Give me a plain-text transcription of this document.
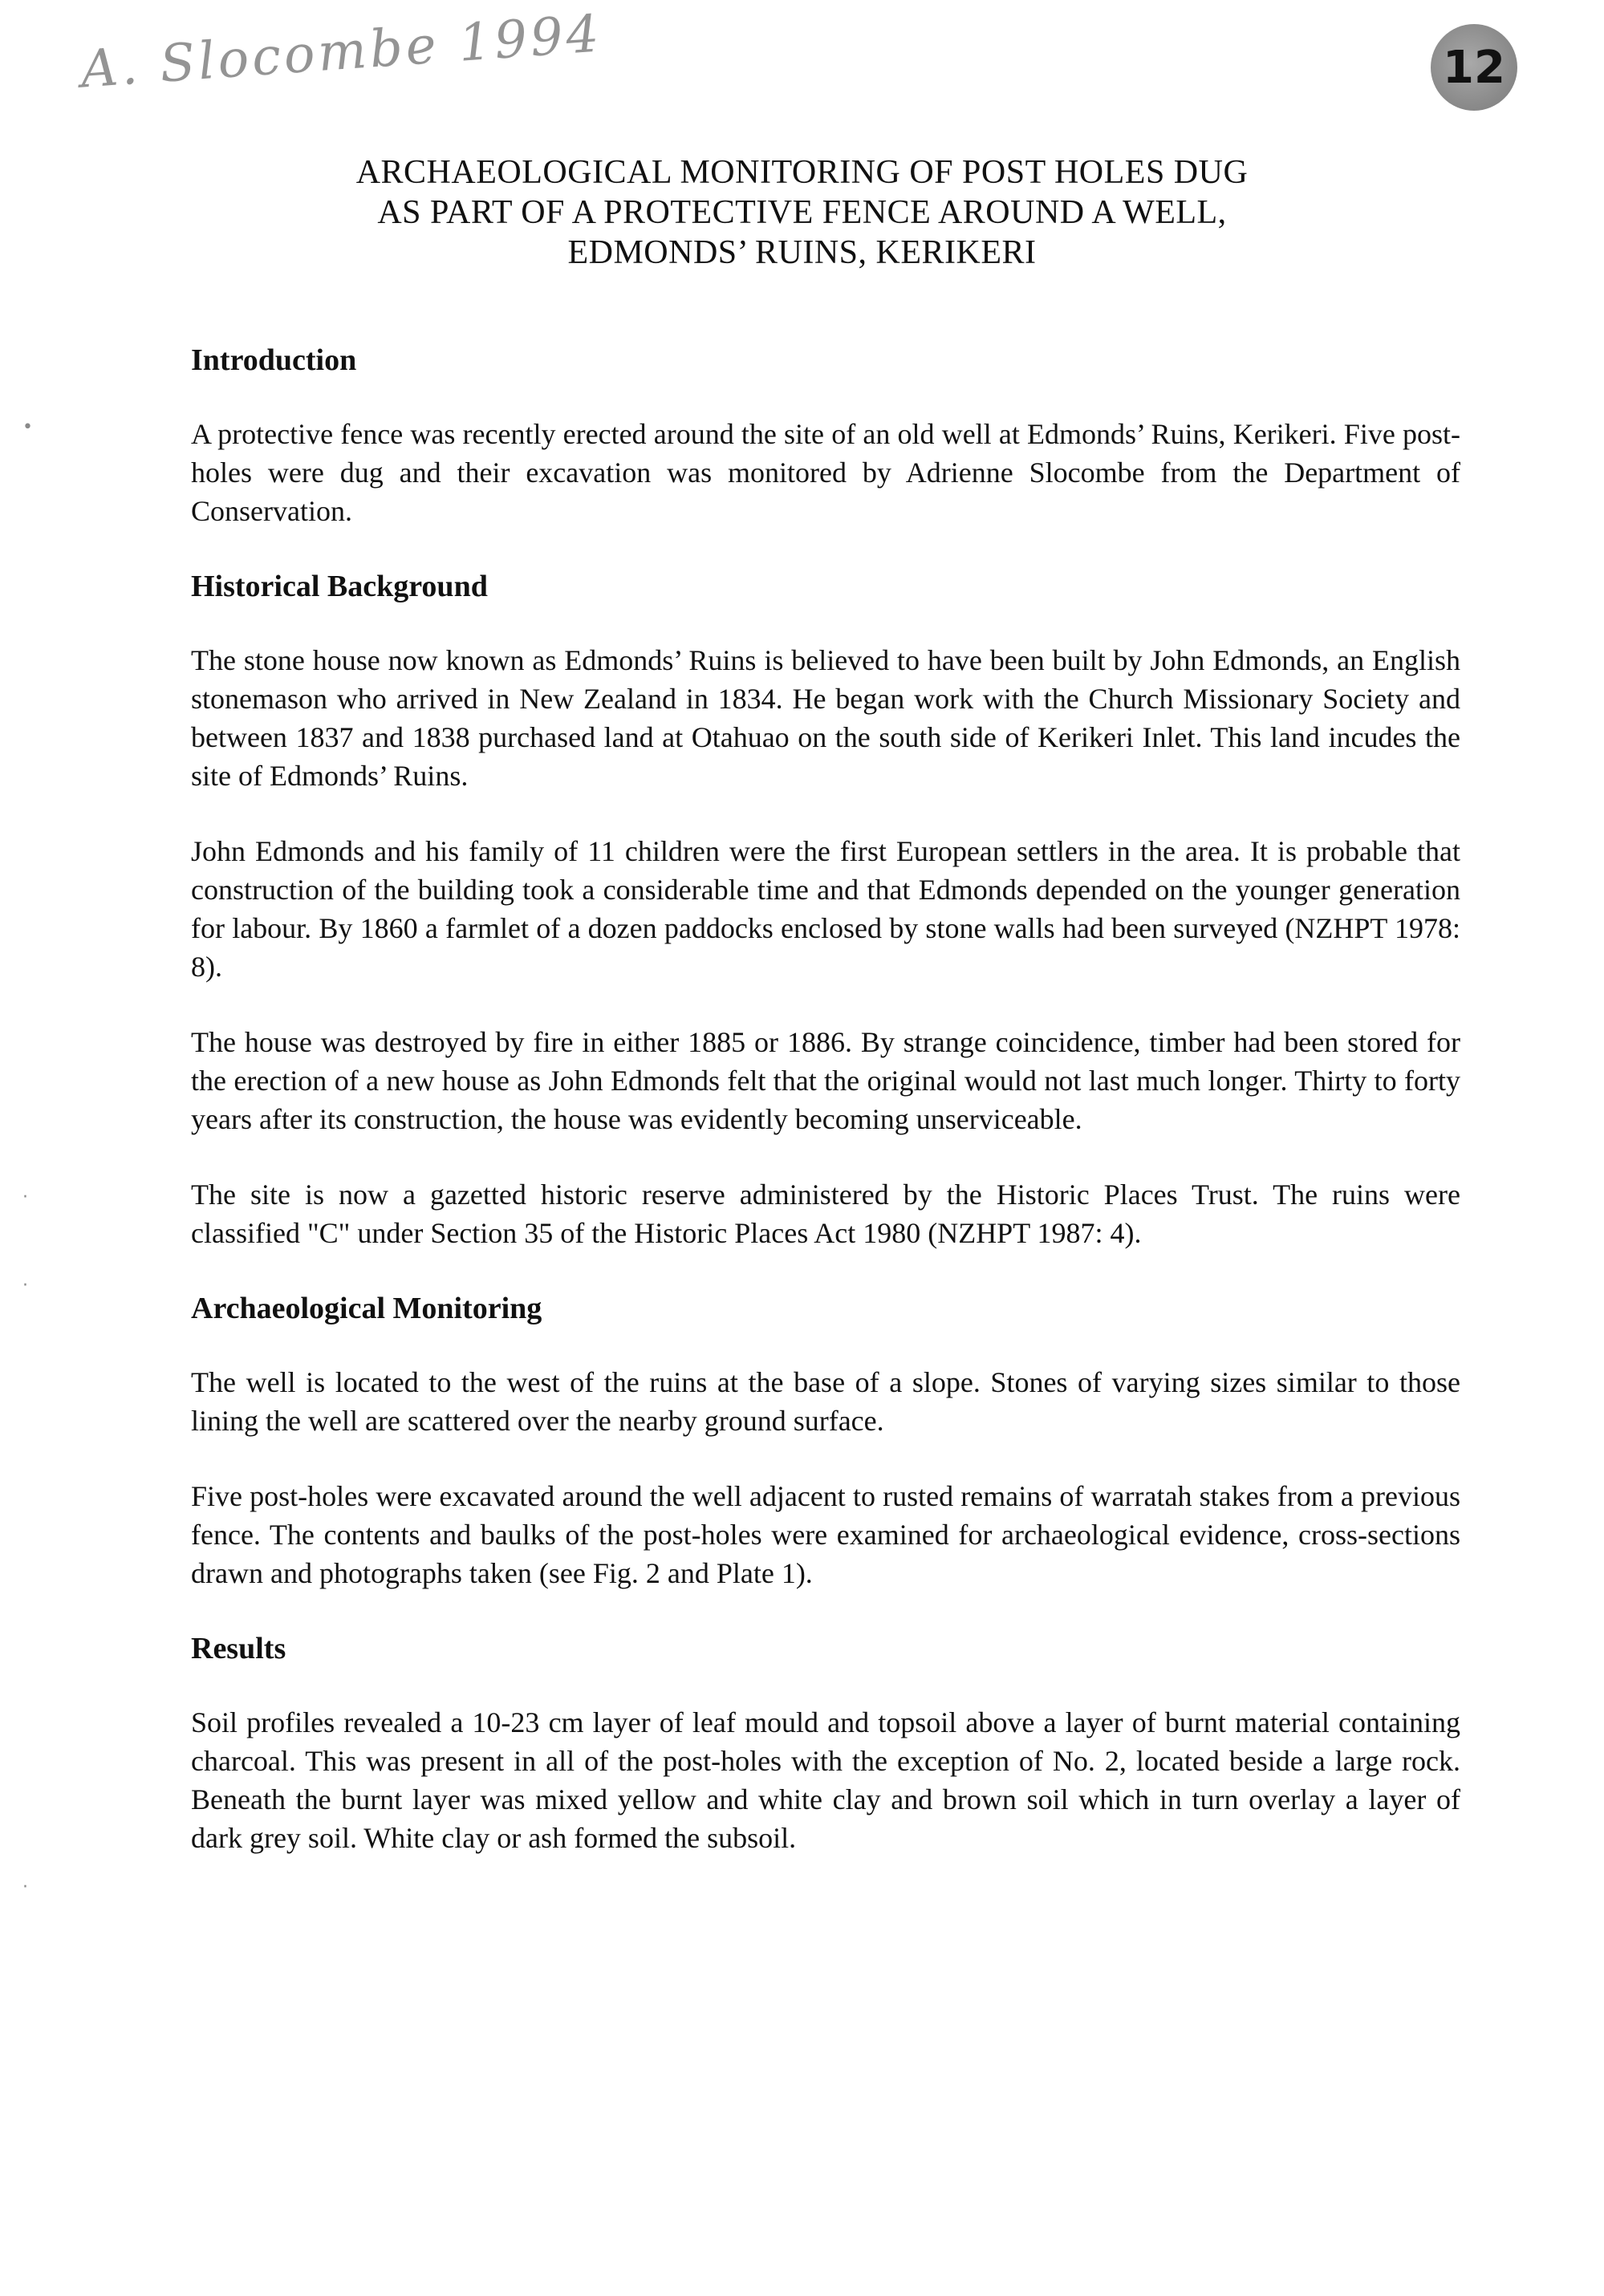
A. Slocombe 1994	12
•
·
·
·
ARCHAEOLOGICAL MONITORING OF POST HOLES DUG
AS PART OF A PROTECTIVE FENCE AROUND A WELL,
EDMONDS’ RUINS, KERIKERI
Introduction

A protective fence was recently erected around the site of an old well at Edmonds’ Ruins, Kerikeri. Five post-holes were dug and their excavation was monitored by Adrienne Slocombe from the Department of Conservation.

Historical Background

The stone house now known as Edmonds’ Ruins is believed to have been built by John Edmonds, an English stonemason who arrived in New Zealand in 1834. He began work with the Church Missionary Society and between 1837 and 1838 purchased land at Otahuao on the south side of Kerikeri Inlet. This land incudes the site of Edmonds’ Ruins.

John Edmonds and his family of 11 children were the first European settlers in the area. It is probable that construction of the building took a considerable time and that Edmonds depended on the younger generation for labour. By 1860 a farmlet of a dozen paddocks enclosed by stone walls had been surveyed (NZHPT 1978: 8).

The house was destroyed by fire in either 1885 or 1886. By strange coincidence, timber had been stored for the erection of a new house as John Edmonds felt that the original would not last much longer. Thirty to forty years after its construction, the house was evidently becoming unserviceable.

The site is now a gazetted historic reserve administered by the Historic Places Trust. The ruins were classified "C" under Section 35 of the Historic Places Act 1980 (NZHPT 1987: 4).

Archaeological Monitoring

The well is located to the west of the ruins at the base of a slope. Stones of varying sizes similar to those lining the well are scattered over the nearby ground surface.

Five post-holes were excavated around the well adjacent to rusted remains of warratah stakes from a previous fence. The contents and baulks of the post-holes were examined for archaeological evidence, cross-sections drawn and photographs taken (see Fig. 2 and Plate 1).

Results

Soil profiles revealed a 10-23 cm layer of leaf mould and topsoil above a layer of burnt material containing charcoal. This was present in all of the post-holes with the exception of No. 2, located beside a large rock. Beneath the burnt layer was mixed yellow and white clay and brown soil which in turn overlay a layer of dark grey soil. White clay or ash formed the subsoil.
